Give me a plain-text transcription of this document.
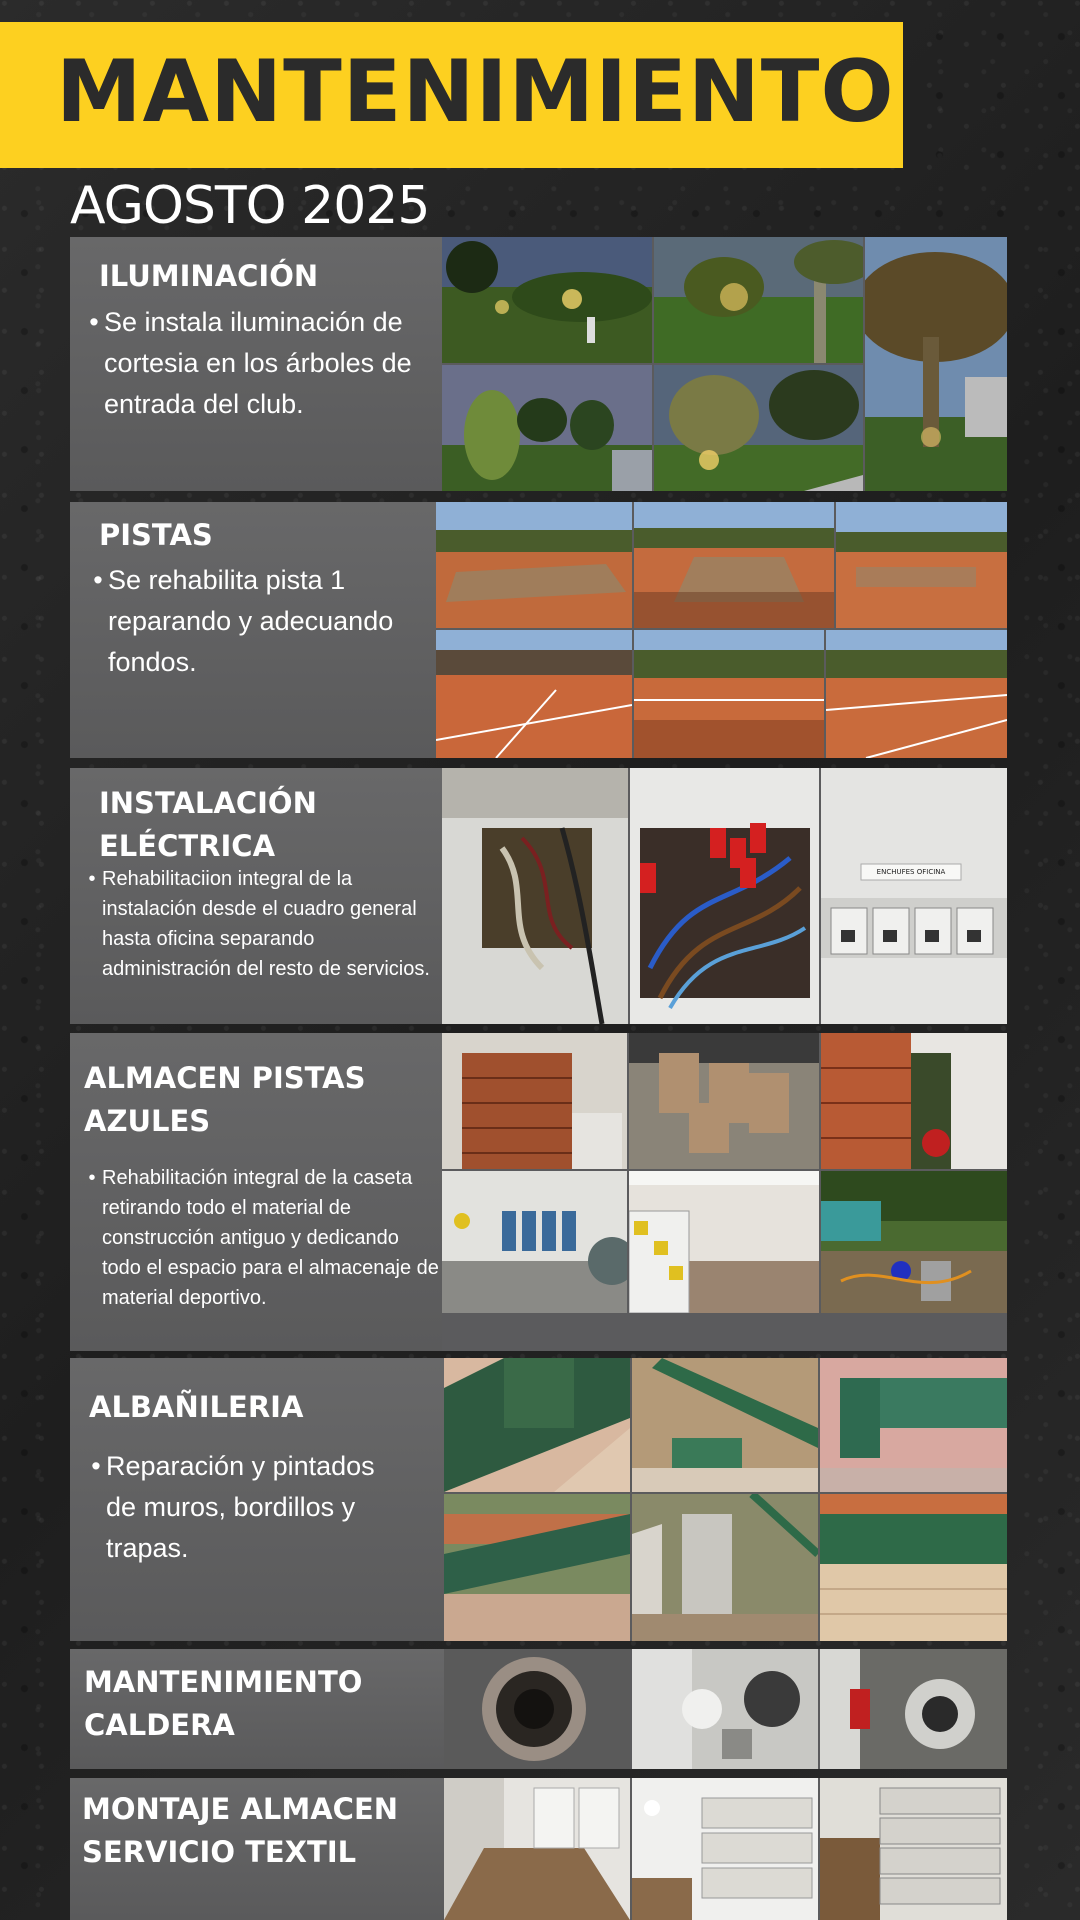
MANTENIMIENTO
AGOSTO 2025
ILUMINACIÓN
• Se instala iluminación de cortesia en los árboles de entrada del club.
PISTAS
• Se rehabilita pista 1 reparando y adecuando fondos.
INSTALACIÓN ELÉCTRICA
• Rehabilitaciion integral de la instalación desde el cuadro general hasta oficina separando administración del resto de servicios.
ENCHUFES OFICINA
ALMACEN PISTAS AZULES
• Rehabilitación integral de la caseta retirando todo el material de construcción antiguo y dedicando todo el espacio para el almacenaje de material deportivo.
ALBAÑILERIA
• Reparación y pintados de muros, bordillos y trapas.
MANTENIMIENTO CALDERA
MONTAJE ALMACEN SERVICIO TEXTIL
